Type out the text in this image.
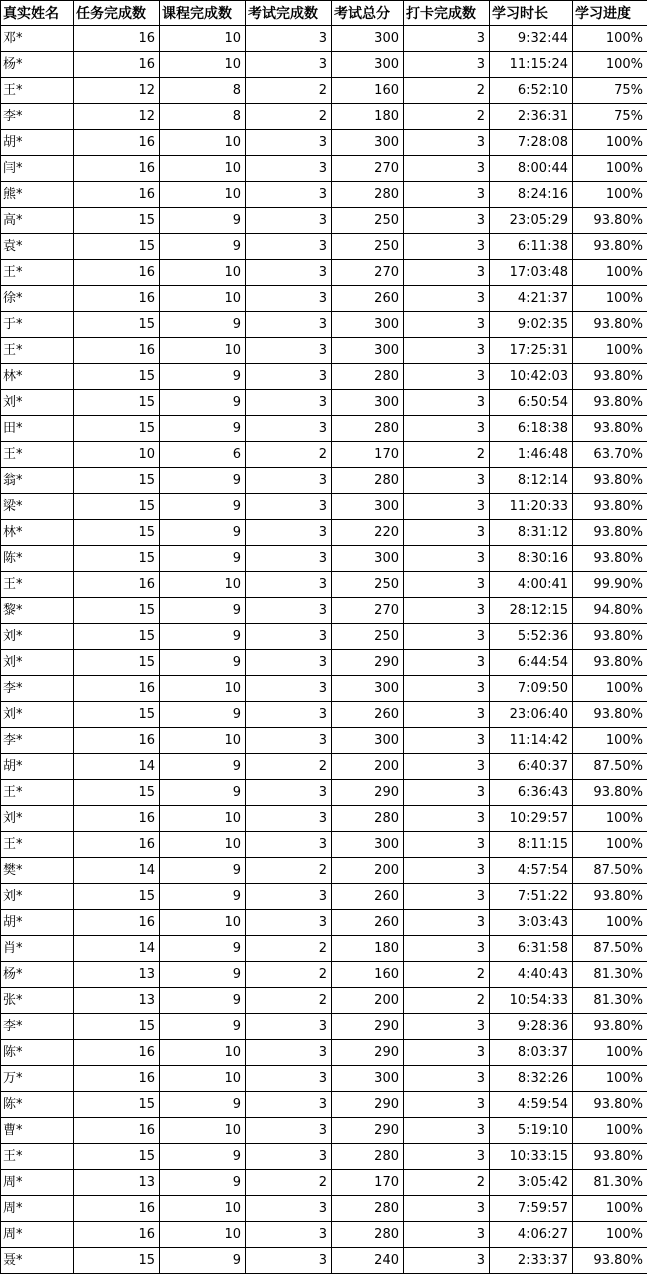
真实姓名	任务完成数	课程完成数	考试完成数	考试总分	打卡完成数	学习时长	学习进度
邓*	16	10	3	300	3	9:32:44	100%
杨*	16	10	3	300	3	11:15:24	100%
王*	12	8	2	160	2	6:52:10	75%
李*	12	8	2	180	2	2:36:31	75%
胡*	16	10	3	300	3	7:28:08	100%
闫*	16	10	3	270	3	8:00:44	100%
熊*	16	10	3	280	3	8:24:16	100%
高*	15	9	3	250	3	23:05:29	93.80%
袁*	15	9	3	250	3	6:11:38	93.80%
王*	16	10	3	270	3	17:03:48	100%
徐*	16	10	3	260	3	4:21:37	100%
于*	15	9	3	300	3	9:02:35	93.80%
王*	16	10	3	300	3	17:25:31	100%
林*	15	9	3	280	3	10:42:03	93.80%
刘*	15	9	3	300	3	6:50:54	93.80%
田*	15	9	3	280	3	6:18:38	93.80%
王*	10	6	2	170	2	1:46:48	63.70%
翁*	15	9	3	280	3	8:12:14	93.80%
梁*	15	9	3	300	3	11:20:33	93.80%
林*	15	9	3	220	3	8:31:12	93.80%
陈*	15	9	3	300	3	8:30:16	93.80%
王*	16	10	3	250	3	4:00:41	99.90%
黎*	15	9	3	270	3	28:12:15	94.80%
刘*	15	9	3	250	3	5:52:36	93.80%
刘*	15	9	3	290	3	6:44:54	93.80%
李*	16	10	3	300	3	7:09:50	100%
刘*	15	9	3	260	3	23:06:40	93.80%
李*	16	10	3	300	3	11:14:42	100%
胡*	14	9	2	200	3	6:40:37	87.50%
王*	15	9	3	290	3	6:36:43	93.80%
刘*	16	10	3	280	3	10:29:57	100%
王*	16	10	3	300	3	8:11:15	100%
樊*	14	9	2	200	3	4:57:54	87.50%
刘*	15	9	3	260	3	7:51:22	93.80%
胡*	16	10	3	260	3	3:03:43	100%
肖*	14	9	2	180	3	6:31:58	87.50%
杨*	13	9	2	160	2	4:40:43	81.30%
张*	13	9	2	200	2	10:54:33	81.30%
李*	15	9	3	290	3	9:28:36	93.80%
陈*	16	10	3	290	3	8:03:37	100%
万*	16	10	3	300	3	8:32:26	100%
陈*	15	9	3	290	3	4:59:54	93.80%
曹*	16	10	3	290	3	5:19:10	100%
王*	15	9	3	280	3	10:33:15	93.80%
周*	13	9	2	170	2	3:05:42	81.30%
周*	16	10	3	280	3	7:59:57	100%
周*	16	10	3	280	3	4:06:27	100%
聂*	15	9	3	240	3	2:33:37	93.80%
